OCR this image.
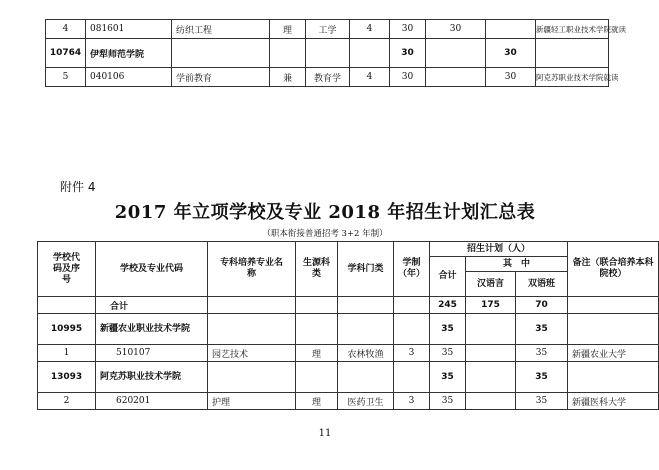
4	081601	纺织工程	理	工学	4	30	30		新疆轻工职业技术学院就读
10764	伊犁师范学院					30		30	
5	040106	学前教育	兼	教育学	4	30		30	阿克苏职业技术学院就读
附件 4
2017 年立项学校及专业 2018 年招生计划汇总表
（职本衔接普通招考 3+2 年制）
学校代码及序号	学校及专业代码	专科培养专业名称	生源科类	学科门类	学制（年）	招生计划（人）			备注（联合培养本科院校）
						合计	其　中		
							汉语言	双语班	
	合计					245	175	70	
10995	新疆农业职业技术学院					35		35	
1	510107	园艺技术	理	农林牧渔	3	35		35	新疆农业大学
13093	阿克苏职业技术学院					35		35	
2	620201	护理	理	医药卫生	3	35		35	新疆医科大学
11
